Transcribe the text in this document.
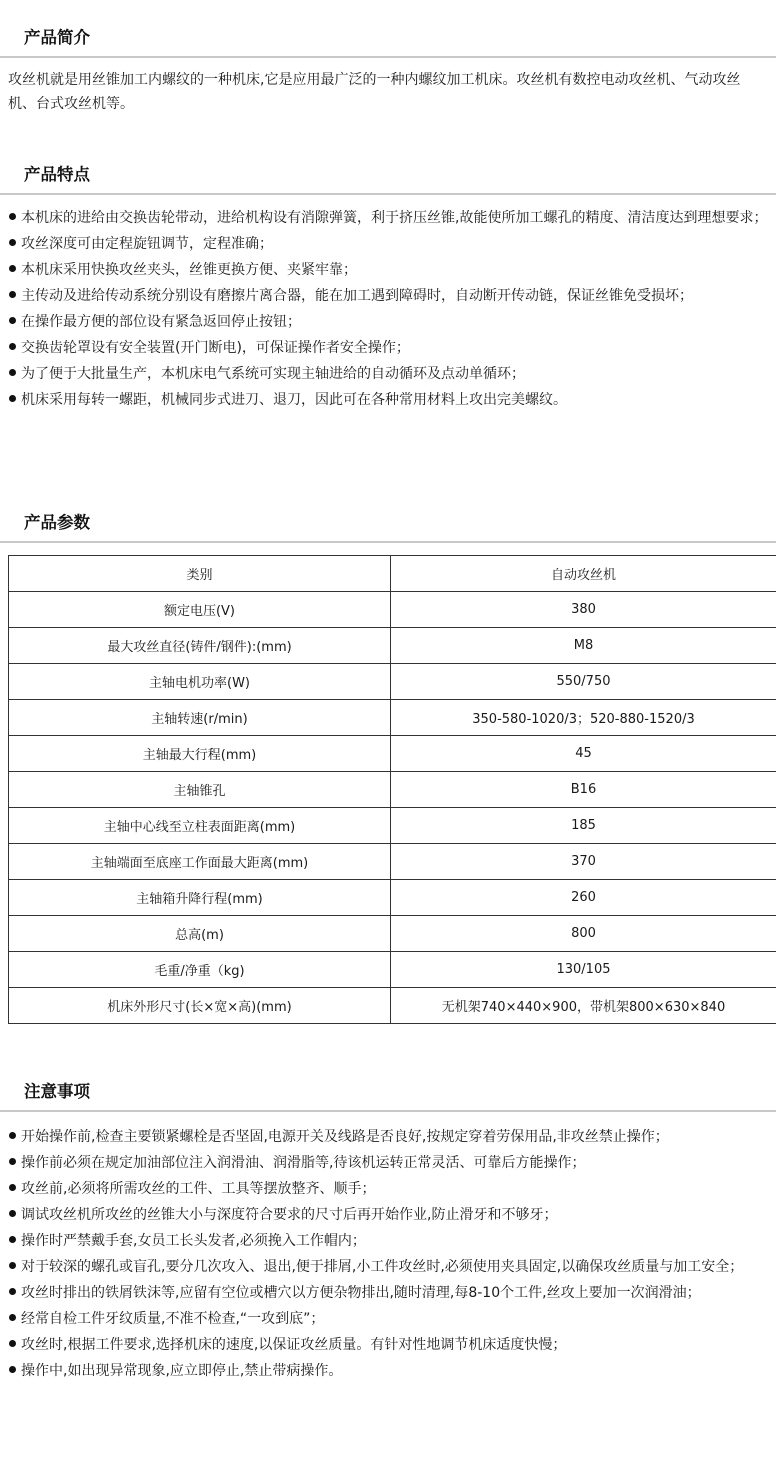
产品简介
攻丝机就是用丝锥加工内螺纹的一种机床,它是应用最广泛的一种内螺纹加工机床。攻丝机有数控电动攻丝机、气动攻丝机、台式攻丝机等。
产品特点
本机床的进给由交换齿轮带动，进给机构设有消隙弹簧，利于挤压丝锥,故能使所加工螺孔的精度、清洁度达到理想要求；
攻丝深度可由定程旋钮调节，定程准确；
本机床采用快换攻丝夹头，丝锥更换方便、夹紧牢靠；
主传动及进给传动系统分别设有磨擦片离合器，能在加工遇到障碍时，自动断开传动链，保证丝锥免受损坏；
在操作最方便的部位设有紧急返回停止按钮；
交换齿轮罩设有安全装置(开门断电)，可保证操作者安全操作；
为了便于大批量生产，本机床电气系统可实现主轴进给的自动循环及点动单循环；
机床采用每转一螺距，机械同步式进刀、退刀，因此可在各种常用材料上攻出完美螺纹。
产品参数
类别	自动攻丝机
额定电压(V)	380
最大攻丝直径(铸件/钢件):(mm)	M8
主轴电机功率(W)	550/750
主轴转速(r/min)	350-580-1020/3；520-880-1520/3
主轴最大行程(mm)	45
主轴锥孔	B16
主轴中心线至立柱表面距离(mm)	185
主轴端面至底座工作面最大距离(mm)	370
主轴箱升降行程(mm)	260
总高(m)	800
毛重/净重（kg)	130/105
机床外形尺寸(长×宽×高)(mm)	无机架740×440×900，带机架800×630×840
注意事项
开始操作前,检查主要锁紧螺栓是否坚固,电源开关及线路是否良好,按规定穿着劳保用品,非攻丝禁止操作；
操作前必须在规定加油部位注入润滑油、润滑脂等,待该机运转正常灵活、可靠后方能操作；
攻丝前,必须将所需攻丝的工件、工具等摆放整齐、顺手；
调试攻丝机所攻丝的丝锥大小与深度符合要求的尺寸后再开始作业,防止滑牙和不够牙；
操作时严禁戴手套,女员工长头发者,必须挽入工作帽内；
对于较深的螺孔或盲孔,要分几次攻入、退出,便于排屑,小工件攻丝时,必须使用夹具固定,以确保攻丝质量与加工安全；
攻丝时排出的铁屑铁沫等,应留有空位或槽穴以方便杂物排出,随时清理,每8-10个工件,丝攻上要加一次润滑油；
经常自检工件牙纹质量,不准不检查,“一攻到底”；
攻丝时,根据工件要求,选择机床的速度,以保证攻丝质量。有针对性地调节机床适度快慢；
操作中,如出现异常现象,应立即停止,禁止带病操作。
